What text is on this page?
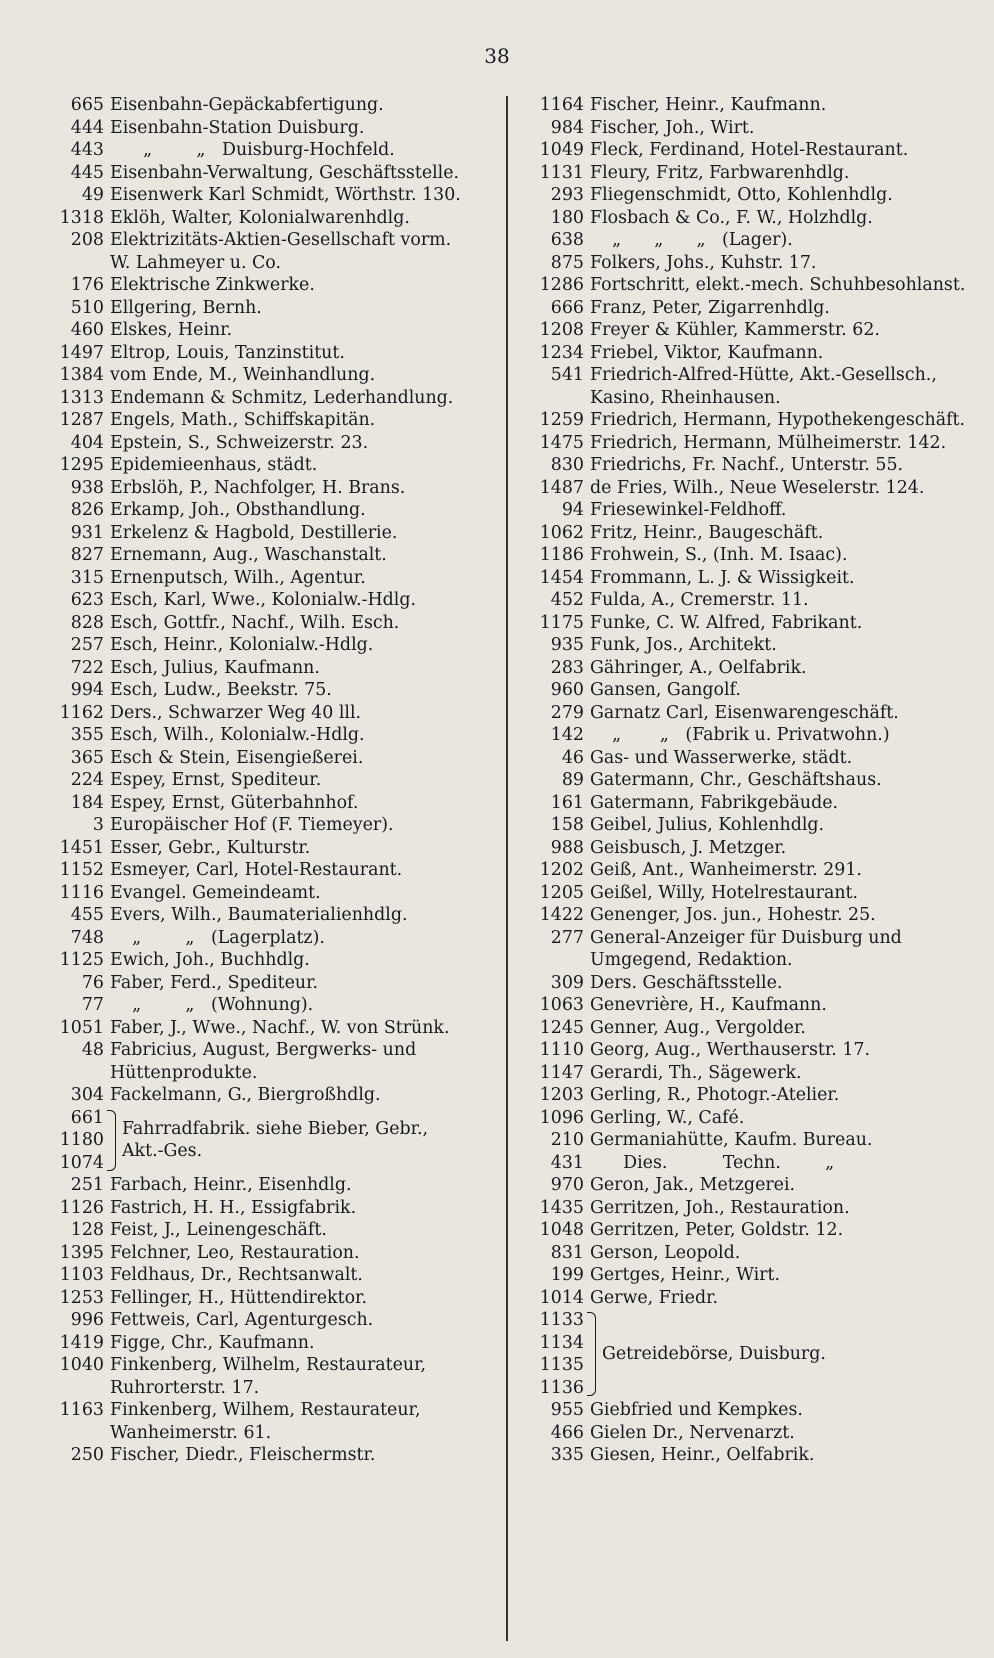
38
665 Eisenbahn-Gepäckabfertigung.
444 Eisenbahn-Station Duisburg.
443 „        „   Duisburg-Hochfeld.
445 Eisenbahn-Verwaltung, Geschäftsstelle.
49 Eisenwerk Karl Schmidt, Wörthstr. 130.
1318 Eklöh, Walter, Kolonialwarenhdlg.
208 Elektrizitäts-Aktien-Gesellschaft vorm.
W. Lahmeyer u. Co.
176 Elektrische Zinkwerke.
510 Ellgering, Bernh.
460 Elskes, Heinr.
1497 Eltrop, Louis, Tanzinstitut.
1384 vom Ende, M., Weinhandlung.
1313 Endemann & Schmitz, Lederhandlung.
1287 Engels, Math., Schiffskapitän.
404 Epstein, S., Schweizerstr. 23.
1295 Epidemieenhaus, städt.
938 Erbslöh, P., Nachfolger, H. Brans.
826 Erkamp, Joh., Obsthandlung.
931 Erkelenz & Hagbold, Destillerie.
827 Ernemann, Aug., Waschanstalt.
315 Ernenputsch, Wilh., Agentur.
623 Esch, Karl, Wwe., Kolonialw.-Hdlg.
828 Esch, Gottfr., Nachf., Wilh. Esch.
257 Esch, Heinr., Kolonialw.-Hdlg.
722 Esch, Julius, Kaufmann.
994 Esch, Ludw., Beekstr. 75.
1162 Ders., Schwarzer Weg 40 lll.
355 Esch, Wilh., Kolonialw.-Hdlg.
365 Esch & Stein, Eisengießerei.
224 Espey, Ernst, Spediteur.
184 Espey, Ernst, Güterbahnhof.
3 Europäischer Hof (F. Tiemeyer).
1451 Esser, Gebr., Kulturstr.
1152 Esmeyer, Carl, Hotel-Restaurant.
1116 Evangel. Gemeindeamt.
455 Evers, Wilh., Baumaterialienhdlg.
748 „        „   (Lagerplatz).
1125 Ewich, Joh., Buchhdlg.
76 Faber, Ferd., Spediteur.
77 „        „   (Wohnung).
1051 Faber, J., Wwe., Nachf., W. von Strünk.
48 Fabricius, August, Bergwerks- und
Hüttenprodukte.
304 Fackelmann, G., Biergroßhdlg.
661
1180
1074
Fahrradfabrik. siehe Bieber, Gebr.,
Akt.-Ges.
251 Farbach, Heinr., Eisenhdlg.
1126 Fastrich, H. H., Essigfabrik.
128 Feist, J., Leinengeschäft.
1395 Felchner, Leo, Restauration.
1103 Feldhaus, Dr., Rechtsanwalt.
1253 Fellinger, H., Hüttendirektor.
996 Fettweis, Carl, Agenturgesch.
1419 Figge, Chr., Kaufmann.
1040 Finkenberg, Wilhelm, Restaurateur,
Ruhrorterstr. 17.
1163 Finkenberg, Wilhem, Restaurateur,
Wanheimerstr. 61.
250 Fischer, Diedr., Fleischermstr.
1164 Fischer, Heinr., Kaufmann.
984 Fischer, Joh., Wirt.
1049 Fleck, Ferdinand, Hotel-Restaurant.
1131 Fleury, Fritz, Farbwarenhdlg.
293 Fliegenschmidt, Otto, Kohlenhdlg.
180 Flosbach & Co., F. W., Holzhdlg.
638 „      „      „   (Lager).
875 Folkers, Johs., Kuhstr. 17.
1286 Fortschritt, elekt.-mech. Schuhbesohlanst.
666 Franz, Peter, Zigarrenhdlg.
1208 Freyer & Kühler, Kammerstr. 62.
1234 Friebel, Viktor, Kaufmann.
541 Friedrich-Alfred-Hütte, Akt.-Gesellsch.,
Kasino, Rheinhausen.
1259 Friedrich, Hermann, Hypothekengeschäft.
1475 Friedrich, Hermann, Mülheimerstr. 142.
830 Friedrichs, Fr. Nachf., Unterstr. 55.
1487 de Fries, Wilh., Neue Weselerstr. 124.
94 Friesewinkel-Feldhoff.
1062 Fritz, Heinr., Baugeschäft.
1186 Frohwein, S., (Inh. M. Isaac).
1454 Frommann, L. J. & Wissigkeit.
452 Fulda, A., Cremerstr. 11.
1175 Funke, C. W. Alfred, Fabrikant.
935 Funk, Jos., Architekt.
283 Gähringer, A., Oelfabrik.
960 Gansen, Gangolf.
279 Garnatz Carl, Eisenwarengeschäft.
142 „       „   (Fabrik u. Privatwohn.)
46 Gas- und Wasserwerke, städt.
89 Gatermann, Chr., Geschäftshaus.
161 Gatermann, Fabrikgebäude.
158 Geibel, Julius, Kohlenhdlg.
988 Geisbusch, J. Metzger.
1202 Geiß, Ant., Wanheimerstr. 291.
1205 Geißel, Willy, Hotelrestaurant.
1422 Genenger, Jos. jun., Hohestr. 25.
277 General-Anzeiger für Duisburg und
Umgegend, Redaktion.
309 Ders. Geschäftsstelle.
1063 Genevrière, H., Kaufmann.
1245 Genner, Aug., Vergolder.
1110 Georg, Aug., Werthauserstr. 17.
1147 Gerardi, Th., Sägewerk.
1203 Gerling, R., Photogr.-Atelier.
1096 Gerling, W., Café.
210 Germaniahütte, Kaufm. Bureau.
431 Dies.          Techn.        „
970 Geron, Jak., Metzgerei.
1435 Gerritzen, Joh., Restauration.
1048 Gerritzen, Peter, Goldstr. 12.
831 Gerson, Leopold.
199 Gertges, Heinr., Wirt.
1014 Gerwe, Friedr.
1133
1134
1135
1136
Getreidebörse, Duisburg.
955 Giebfried und Kempkes.
466 Gielen Dr., Nervenarzt.
335 Giesen, Heinr., Oelfabrik.
